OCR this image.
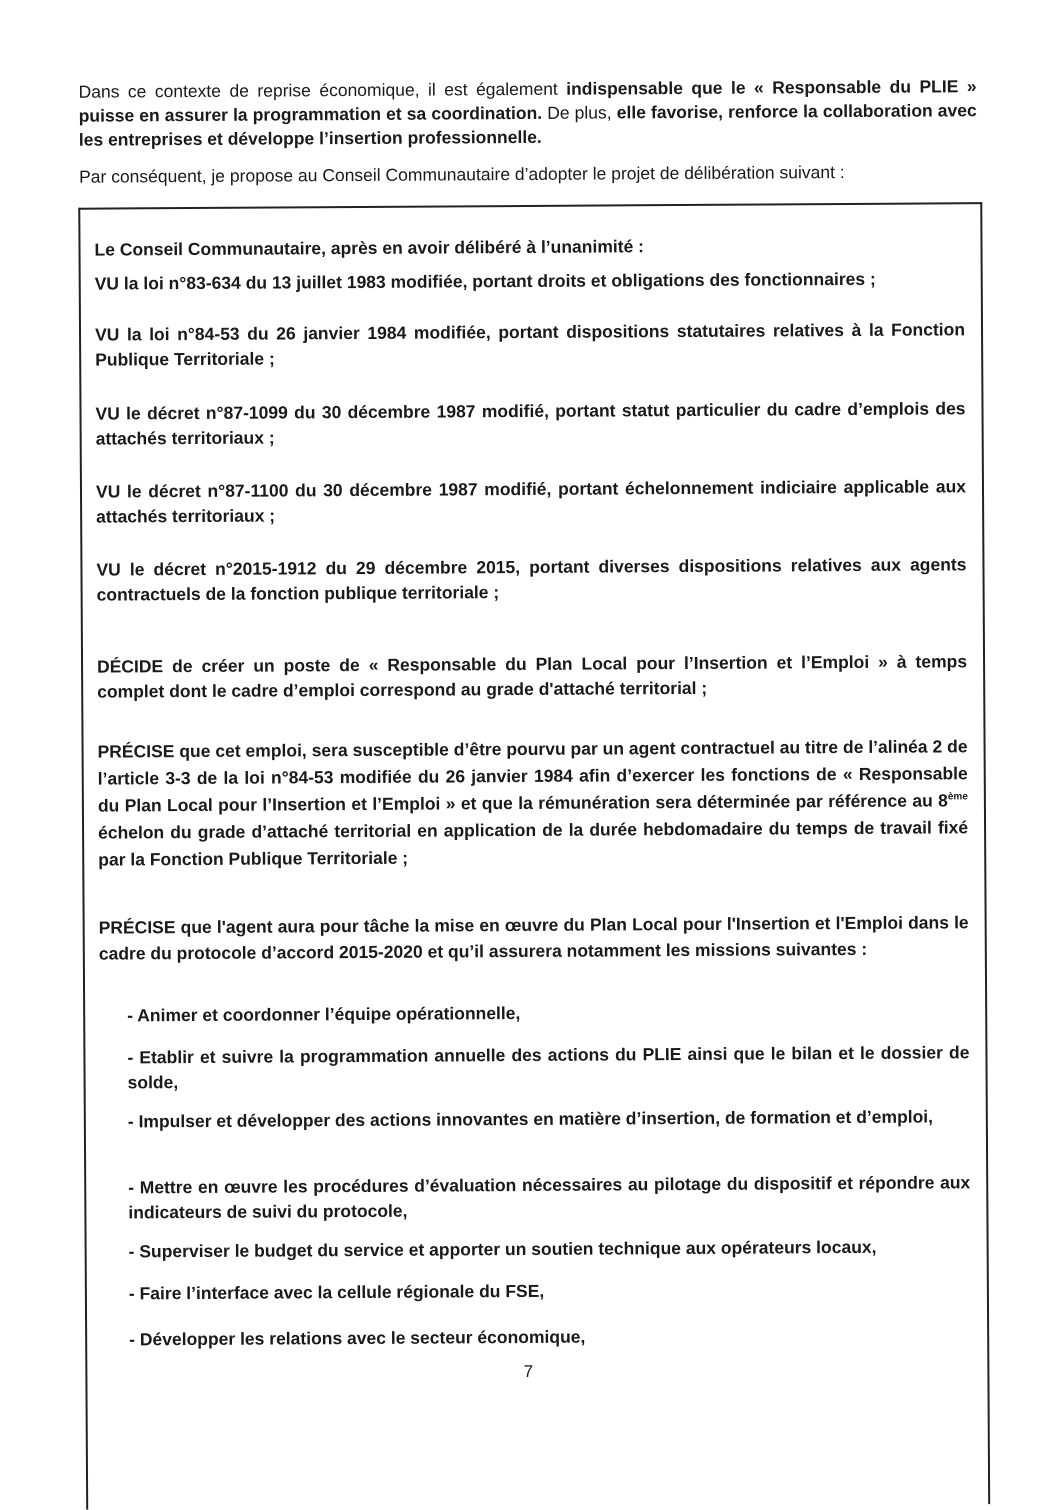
Dans ce contexte de reprise économique, il est également indispensable que le « Responsable du PLIE » puisse en assurer la programmation et sa coordination. De plus, elle favorise, renforce la collaboration avec les entreprises et développe l’insertion professionnelle.

Par conséquent, je propose au Conseil Communautaire d’adopter le projet de délibération suivant :

Le Conseil Communautaire, après en avoir délibéré à l’unanimité :

VU la loi n°83-634 du 13 juillet 1983 modifiée, portant droits et obligations des fonctionnaires ;

VU la loi n°84-53 du 26 janvier 1984 modifiée, portant dispositions statutaires relatives à la Fonction Publique Territoriale ;

VU le décret n°87-1099 du 30 décembre 1987 modifié, portant statut particulier du cadre d’emplois des attachés territoriaux ;

VU le décret n°87-1100 du 30 décembre 1987 modifié, portant échelonnement indiciaire applicable aux attachés territoriaux ;

VU le décret n°2015-1912 du 29 décembre 2015, portant diverses dispositions relatives aux agents contractuels de la fonction publique territoriale ;

DÉCIDE de créer un poste de « Responsable du Plan Local pour l’Insertion et l’Emploi » à temps complet dont le cadre d’emploi correspond au grade d'attaché territorial ;

PRÉCISE que cet emploi, sera susceptible d’être pourvu par un agent contractuel au titre de l’alinéa 2 de l’article 3-3 de la loi n°84-53 modifiée du 26 janvier 1984 afin d’exercer les fonctions de « Responsable du Plan Local pour l’Insertion et l’Emploi » et que la rémunération sera déterminée par référence au 8ème échelon du grade d’attaché territorial en application de la durée hebdomadaire du temps de travail fixé par la Fonction Publique Territoriale ;

PRÉCISE que l'agent aura pour tâche la mise en œuvre du Plan Local pour l'Insertion et l'Emploi dans le cadre du protocole d’accord 2015-2020 et qu’il assurera notamment les missions suivantes :

- Animer et coordonner l’équipe opérationnelle,

- Etablir et suivre la programmation annuelle des actions du PLIE ainsi que le bilan et le dossier de solde,

- Impulser et développer des actions innovantes en matière d’insertion, de formation et d’emploi,

- Mettre en œuvre les procédures d’évaluation nécessaires au pilotage du dispositif et répondre aux indicateurs de suivi du protocole,

- Superviser le budget du service et apporter un soutien technique aux opérateurs locaux,

- Faire l’interface avec la cellule régionale du FSE,

- Développer les relations avec le secteur économique,

7
